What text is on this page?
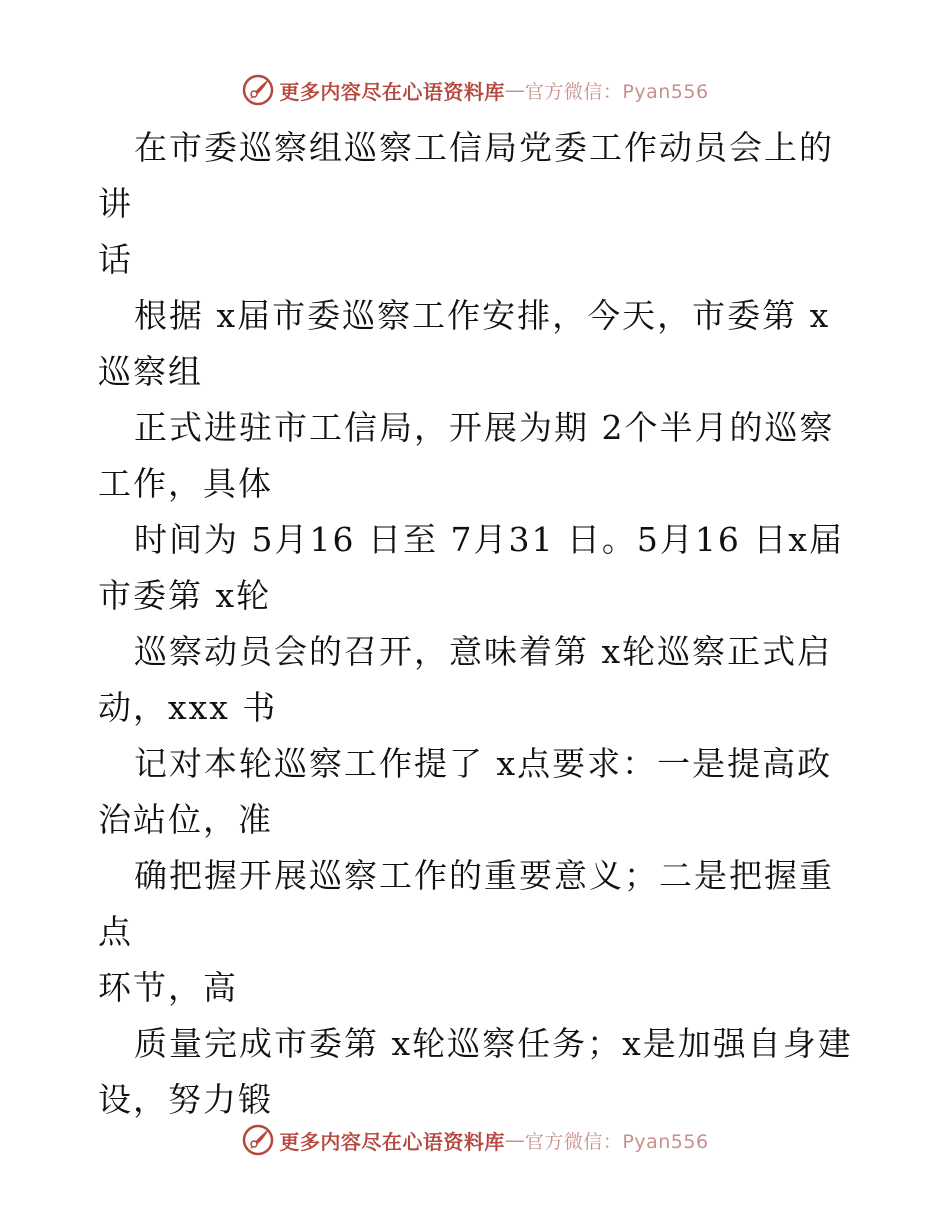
更多内容尽在心语资料库 — 官方微信：Pyan556

在市委巡察组巡察工信局党委工作动员会上的讲
话

根据 x届市委巡察工作安排，今天，市委第 x
巡察组

正式进驻市工信局，开展为期 2个半月的巡察
工作，具体

时间为 5月16 日至 7月31 日。5月16 日x届
市委第 x轮

巡察动员会的召开，意味着第 x轮巡察正式启
动，xxx 书

记对本轮巡察工作提了 x点要求：一是提高政
治站位，准

确把握开展巡察工作的重要意义；二是把握重点
环节，高

质量完成市委第 x轮巡察任务；x是加强自身建
设，努力锻

更多内容尽在心语资料库 — 官方微信：Pyan556
